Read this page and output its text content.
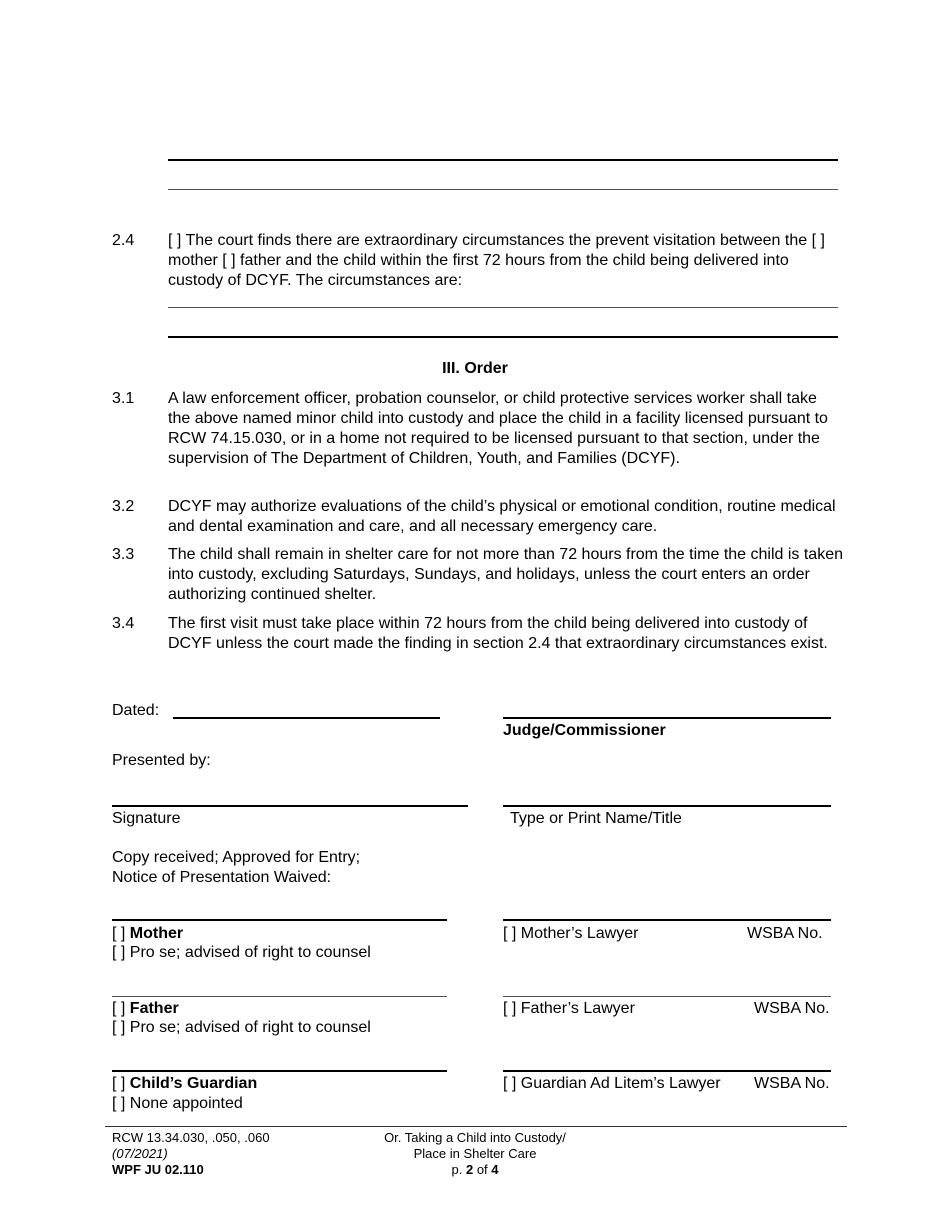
2.4 [ ] The court finds there are extraordinary circumstances the prevent visitation between the [ ] mother [ ] father and the child within the first 72 hours from the child being delivered into custody of DCYF. The circumstances are:
III. Order
3.1 A law enforcement officer, probation counselor, or child protective services worker shall take the above named minor child into custody and place the child in a facility licensed pursuant to RCW 74.15.030, or in a home not required to be licensed pursuant to that section, under the supervision of The Department of Children, Youth, and Families (DCYF).
3.2 DCYF may authorize evaluations of the child’s physical or emotional condition, routine medical and dental examination and care, and all necessary emergency care.
3.3 The child shall remain in shelter care for not more than 72 hours from the time the child is taken into custody, excluding Saturdays, Sundays, and holidays, unless the court enters an order authorizing continued shelter.
3.4 The first visit must take place within 72 hours from the child being delivered into custody of DCYF unless the court made the finding in section 2.4 that extraordinary circumstances exist.
Dated:
Judge/Commissioner
Presented by:
Signature	Type or Print Name/Title
Copy received; Approved for Entry;
Notice of Presentation Waived:
[ ] Mother
[ ] Pro se; advised of right to counsel
[ ] Mother’s Lawyer	WSBA No.
[ ] Father
[ ] Pro se; advised of right to counsel
[ ] Father’s Lawyer	WSBA No.
[ ] Child’s Guardian
[ ] None appointed
[ ] Guardian Ad Litem’s Lawyer WSBA No.
RCW 13.34.030, .050, .060
(07/2021)
WPF JU 02.110
Or. Taking a Child into Custody/
Place in Shelter Care
p. 2 of 4
